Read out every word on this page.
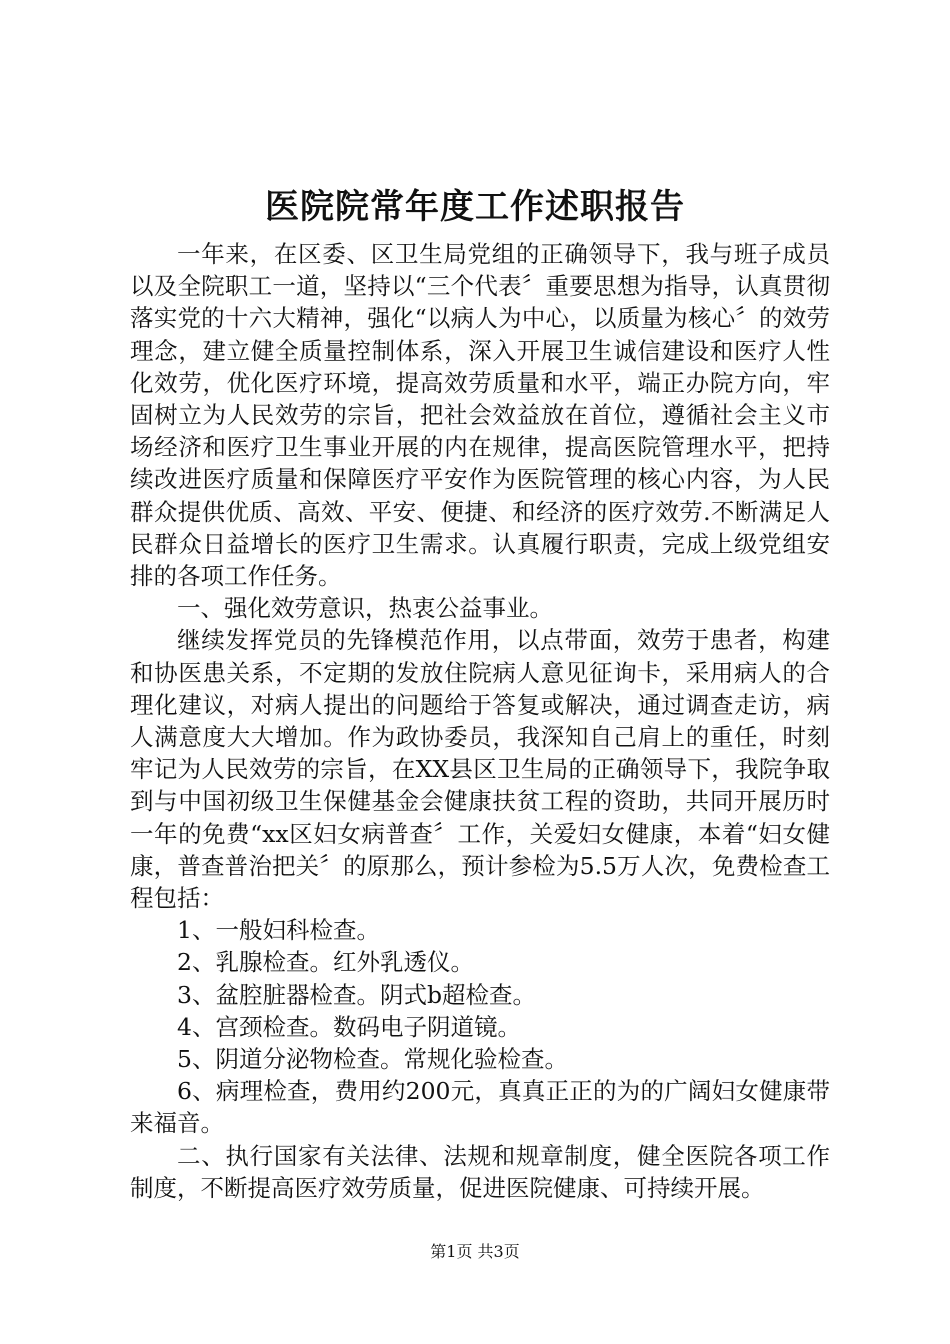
医院院常年度工作述职报告

一年来，在区委、区卫生局党组的正确领导下，我与班子成员以及全院职工一道，坚持以“三个代表〞重要思想为指导，认真贯彻落实党的十六大精神，强化“以病人为中心，以质量为核心〞的效劳理念，建立健全质量控制体系，深入开展卫生诚信建设和医疗人性化效劳，优化医疗环境，提高效劳质量和水平，端正办院方向，牢固树立为人民效劳的宗旨，把社会效益放在首位，遵循社会主义市场经济和医疗卫生事业开展的内在规律，提高医院管理水平，把持续改进医疗质量和保障医疗平安作为医院管理的核心内容，为人民群众提供优质、高效、平安、便捷、和经济的医疗效劳.不断满足人民群众日益增长的医疗卫生需求。认真履行职责，完成上级党组安排的各项工作任务。

一、强化效劳意识，热衷公益事业。

继续发挥党员的先锋模范作用，以点带面，效劳于患者，构建和协医患关系，不定期的发放住院病人意见征询卡，采用病人的合理化建议，对病人提出的问题给于答复或解决，通过调查走访，病人满意度大大增加。作为政协委员，我深知自己肩上的重任，时刻牢记为人民效劳的宗旨，在XX县区卫生局的正确领导下，我院争取到与中国初级卫生保健基金会健康扶贫工程的资助，共同开展历时一年的免费“xx区妇女病普查〞工作，关爱妇女健康，本着“妇女健康，普查普治把关〞的原那么，预计参检为5.5万人次，免费检查工程包括：

1、一般妇科检查。

2、乳腺检查。红外乳透仪。

3、盆腔脏器检查。阴式b超检查。

4、宫颈检查。数码电子阴道镜。

5、阴道分泌物检查。常规化验检查。

6、病理检查，费用约200元，真真正正的为的广阔妇女健康带来福音。

二、执行国家有关法律、法规和规章制度，健全医院各项工作制度，不断提高医疗效劳质量，促进医院健康、可持续开展。

第1页 共3页
